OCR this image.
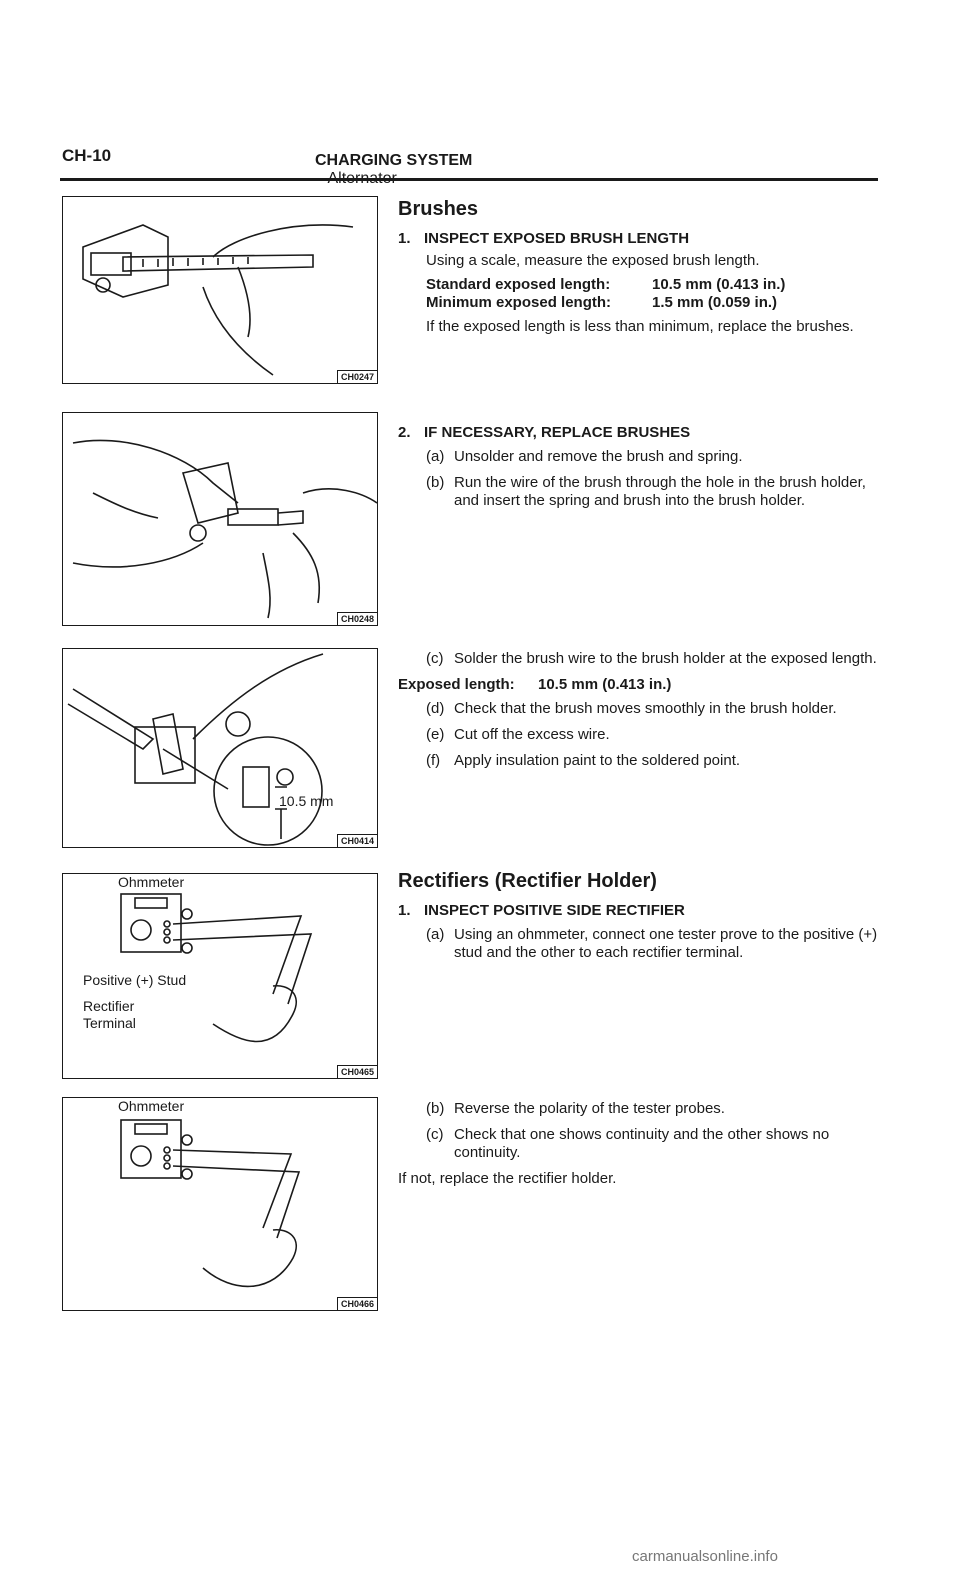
CH-10	CHARGING SYSTEM
CH0247
CH0248
10.5 mm
CH0414
Ohmmeter
Positive (+) Stud
Rectifier
Terminal
CH0465
Ohmmeter
CH0466

Brushes

1. INSPECT EXPOSED BRUSH LENGTH

Using a scale, measure the exposed brush length.

Standard exposed length:	10.5 mm (0.413 in.)
Minimum exposed length:	1.5 mm (0.059 in.)

If the exposed length is less than minimum, replace the brushes.

2. IF NECESSARY, REPLACE BRUSHES

(a) Unsolder and remove the brush and spring.
(b) Run the wire of the brush through the hole in the brush holder, and insert the spring and brush into the brush holder.
(c) Solder the brush wire to the brush holder at the exposed length.
Exposed length:	10.5 mm (0.413 in.)
(d) Check that the brush moves smoothly in the brush holder.
(e) Cut off the excess wire.
(f) Apply insulation paint to the soldered point.

Rectifiers (Rectifier Holder)

1. INSPECT POSITIVE SIDE RECTIFIER

(a) Using an ohmmeter, connect one tester prove to the positive (+) stud and the other to each rectifier terminal.
(b) Reverse the polarity of the tester probes.
(c) Check that one shows continuity and the other shows no continuity.

If not, replace the rectifier holder.

carmanualsonline.info
